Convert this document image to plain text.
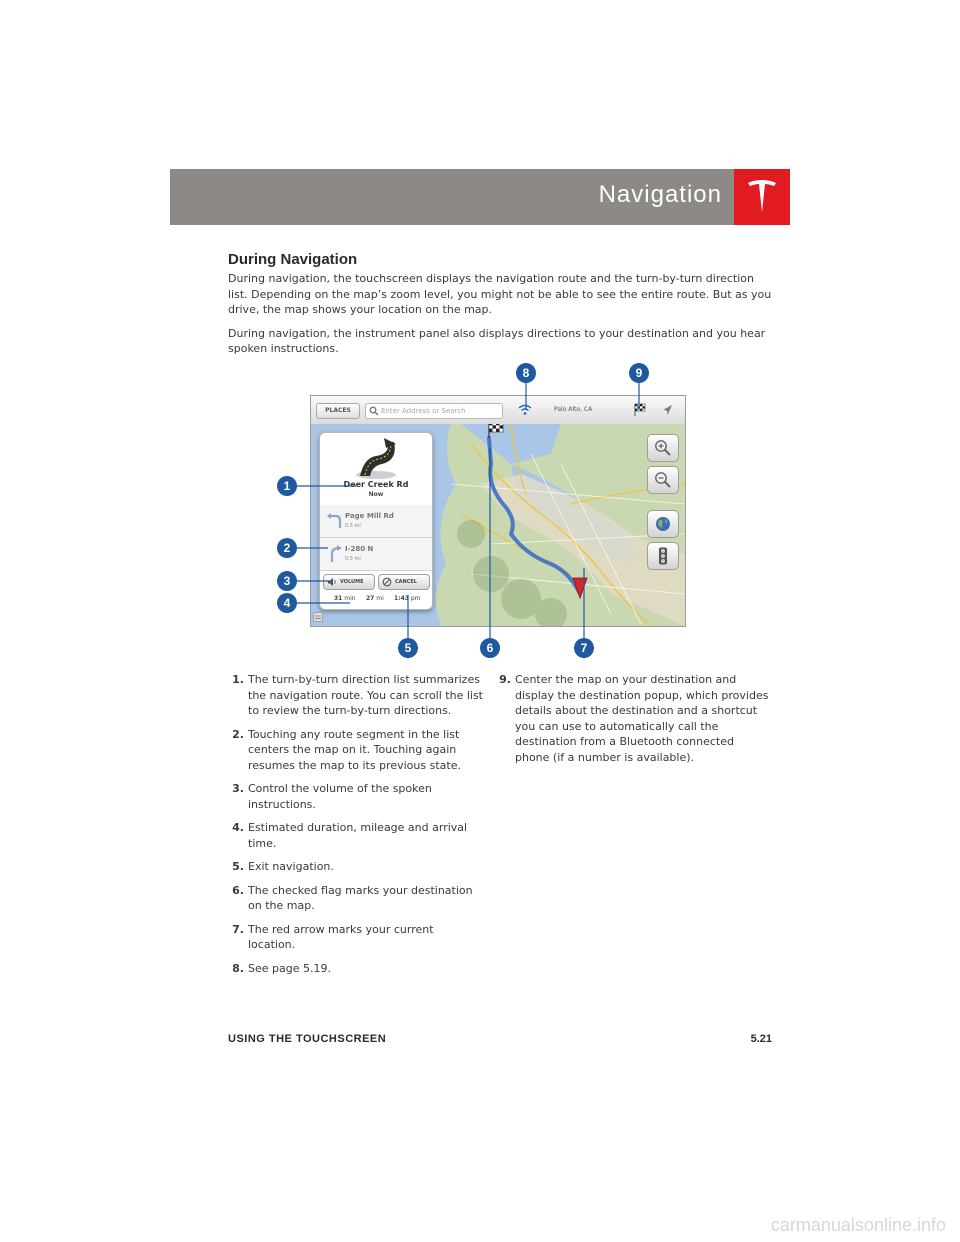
Navigation
During Navigation

During navigation, the touchscreen displays the navigation route and the turn-by-turn direction list. Depending on the map’s zoom level, you might not be able to see the entire route. But as you drive, the map shows your location on the map.

During navigation, the instrument panel also displays directions to your destination and you hear spoken instructions.

PLACES	Enter Address or Search	Palo Alto, CA
Deer Creek Rd
Now
Page Mill Rd
0.5 mi
I-280 N
0.5 mi
VOLUME	CANCEL
31 min 27 mi 1:43 pm
1
2
3
4
5	6	7
8	9
1. The turn-by-turn direction list summarizes the navigation route. You can scroll the list to review the turn-by-turn directions.
2. Touching any route segment in the list centers the map on it. Touching again resumes the map to its previous state.
3. Control the volume of the spoken instructions.
4. Estimated duration, mileage and arrival time.
5. Exit navigation.
6. The checked flag marks your destination on the map.
7. The red arrow marks your current location.
8. See page 5.19.
9. Center the map on your destination and display the destination popup, which provides details about the destination and a shortcut you can use to automatically call the destination from a Bluetooth connected phone (if a number is available).
USING THE TOUCHSCREEN	5.21
carmanualsonline.info
